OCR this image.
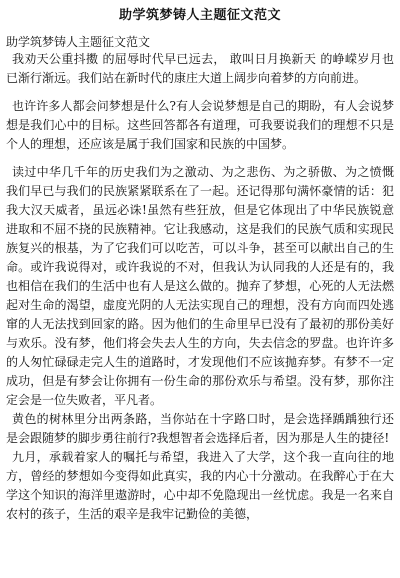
助学筑梦铸人主题征文范文

助学筑梦铸人主题征文范文

我劝天公重抖擞 的屈辱时代早已远去， 敢叫日月换新天 的峥嵘岁月也已渐行渐远。我们站在新时代的康庄大道上阔步向着梦的方向前进。

也许许多人都会问梦想是什么?有人会说梦想是自己的期盼，有人会说梦想是我们心中的目标。这些回答都各有道理，可我要说我们的理想不只是个人的理想，还应该是属于我们国家和民族的中国梦。

读过中华几千年的历史我们为之激动、为之悲伤、为之骄傲、为之愤慨 我们早已与我们的民族紧紧联系在了一起。还记得那句满怀豪情的话：犯我大汉天威者，虽远必诛!虽然有些狂放，但是它体现出了中华民族锐意进取和不屈不挠的民族精神。它让我感动，这是我们的民族气质和实现民族复兴的根基，为了它我们可以吃苦，可以斗争，甚至可以献出自己的生命。或许我说得对，或许我说的不对，但我认为认同我的人还是有的，我也相信在我们的生活中也有人是这么做的。抛弃了梦想，心死的人无法燃起对生命的渴望，虚度光阴的人无法实现自己的理想，没有方向而四处逃窜的人无法找到回家的路。因为他们的生命里早已没有了最初的那份美好与欢乐。没有梦，他们将会失去人生的方向，失去信念的罗盘。也许许多的人匆忙碌碌走完人生的道路时，才发现他们不应该抛弃梦。有梦不一定成功，但是有梦会让你拥有一份生命的那份欢乐与希望。没有梦，那你注定会是一位失败者，平凡者。

黄色的树林里分出两条路，当你站在十字路口时，是会选择踽踽独行还是会跟随梦的脚步勇往前行?我想智者会选择后者，因为那是人生的捷径!

九月，承载着家人的嘱托与希望，我进入了大学，这个我一直向往的地方，曾经的梦想如今变得如此真实，我的内心十分激动。在我醉心于在大学这个知识的海洋里遨游时，心中却不免隐现出一丝忧虑。我是一名来自农村的孩子，生活的艰辛是我牢记勤俭的美德，
